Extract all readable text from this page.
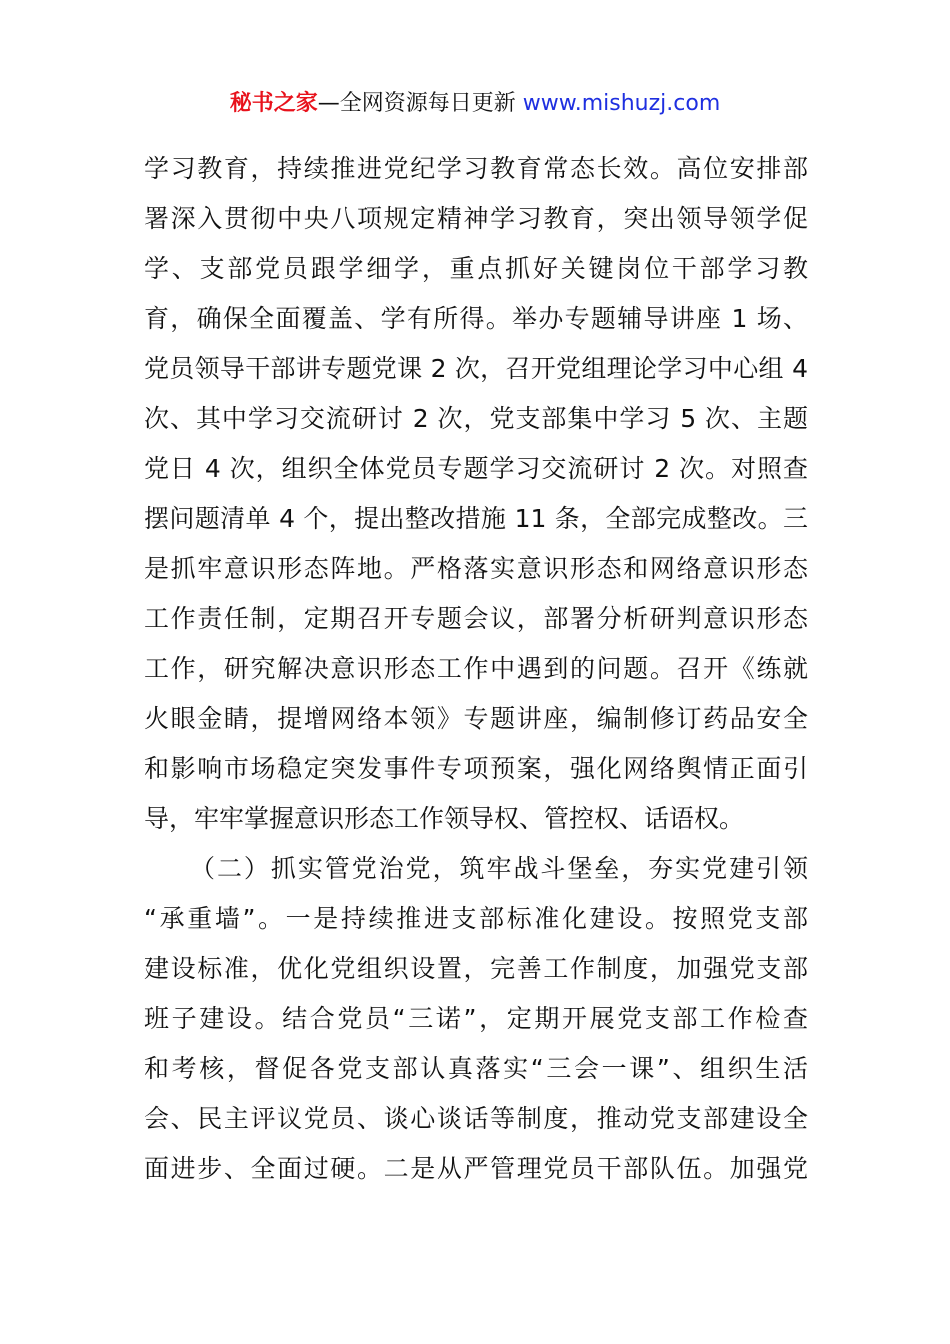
秘书之家—全网资源每日更新 www.mishuzj.com
学习教育，持续推进党纪学习教育常态长效。高位安排部
署深入贯彻中央八项规定精神学习教育，突出领导领学促
学、支部党员跟学细学，重点抓好关键岗位干部学习教
育，确保全面覆盖、学有所得。举办专题辅导讲座 1 场、
党员领导干部讲专题党课 2 次，召开党组理论学习中心组 4
次、其中学习交流研讨 2 次，党支部集中学习 5 次、主题
党日 4 次，组织全体党员专题学习交流研讨 2 次。对照查
摆问题清单 4 个，提出整改措施 11 条，全部完成整改。三
是抓牢意识形态阵地。严格落实意识形态和网络意识形态
工作责任制，定期召开专题会议，部署分析研判意识形态
工作，研究解决意识形态工作中遇到的问题。召开《练就
火眼金睛，提增网络本领》专题讲座，编制修订药品安全
和影响市场稳定突发事件专项预案，强化网络舆情正面引
导，牢牢掌握意识形态工作领导权、管控权、话语权。
（二）抓实管党治党，筑牢战斗堡垒，夯实党建引领
“承重墙”。一是持续推进支部标准化建设。按照党支部
建设标准，优化党组织设置，完善工作制度，加强党支部
班子建设。结合党员“三诺”，定期开展党支部工作检查
和考核，督促各党支部认真落实“三会一课”、组织生活
会、民主评议党员、谈心谈话等制度，推动党支部建设全
面进步、全面过硬。二是从严管理党员干部队伍。加强党
